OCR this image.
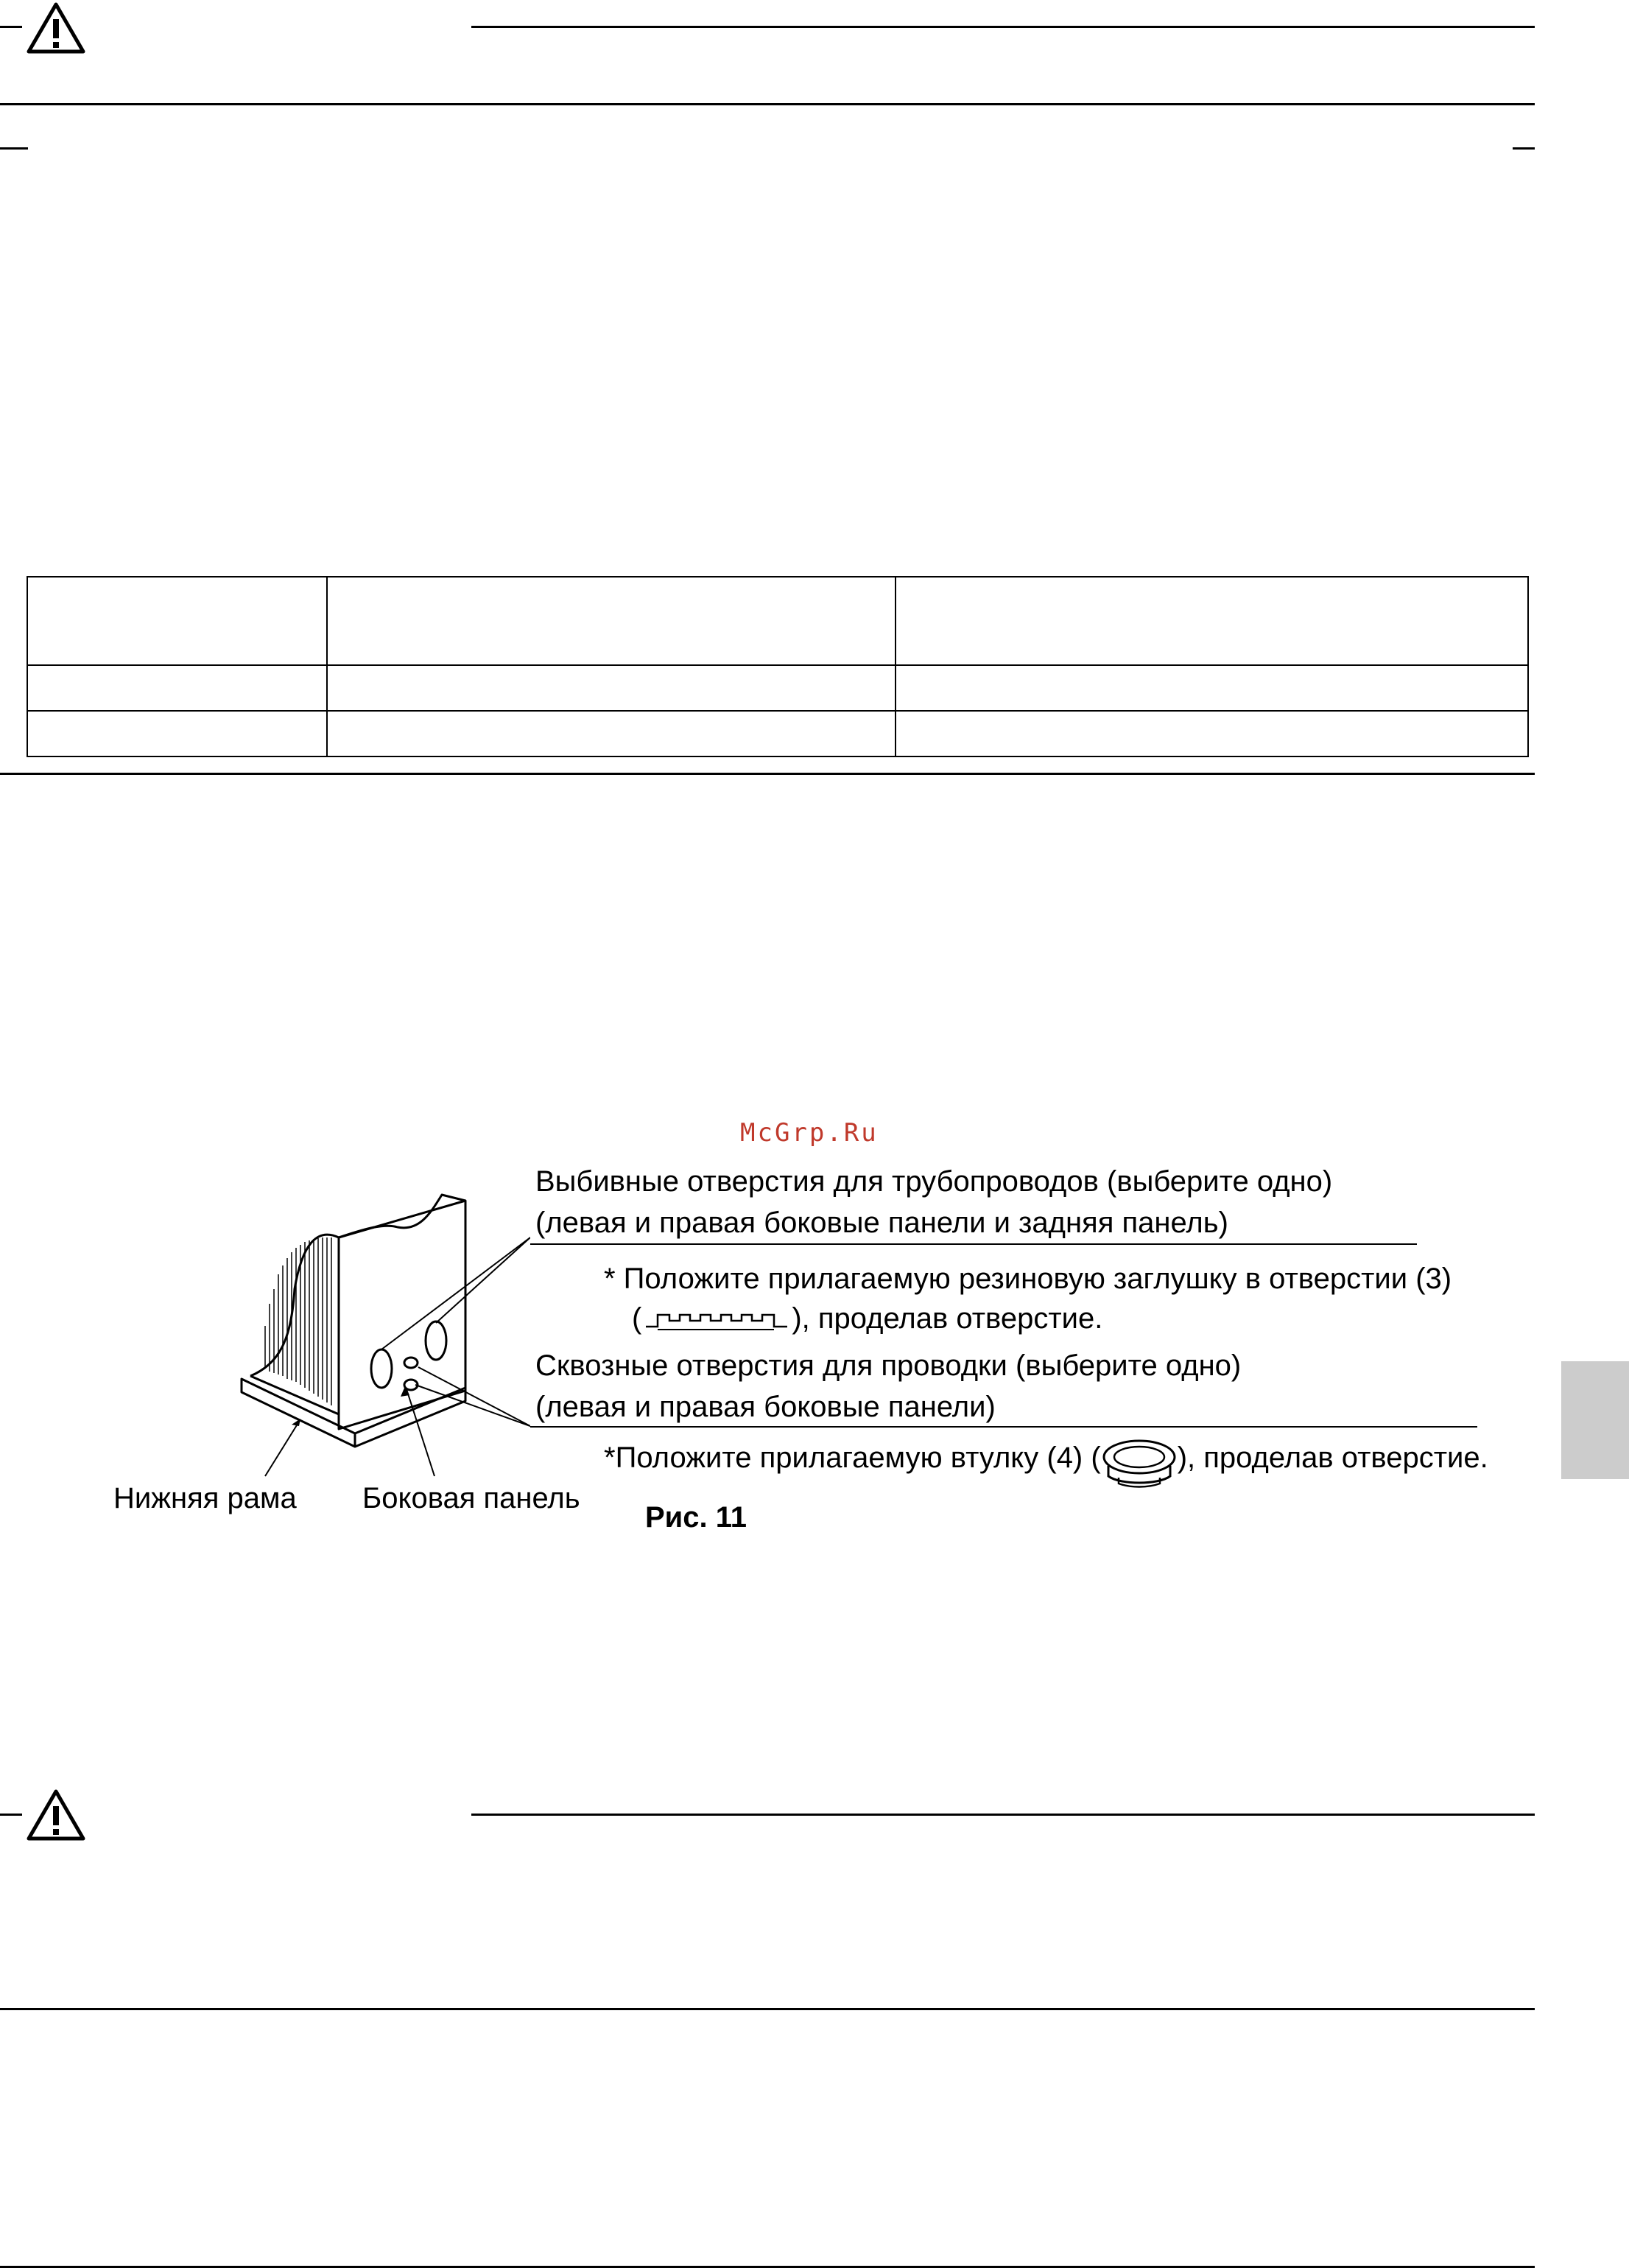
McGrp.Ru
Выбивные отверстия для трубопроводов (выберите одно)
(левая и правая боковые панели и задняя панель)
* Положите прилагаемую резиновую заглушку в отверстии (3)
(	), проделав отверстие.
Сквозные отверстия для проводки (выберите одно)
(левая и правая боковые панели)
*Положите прилагаемую втулку (4) (	), проделав отверстие.
Нижняя рама Боковая панель
Рис. 11
